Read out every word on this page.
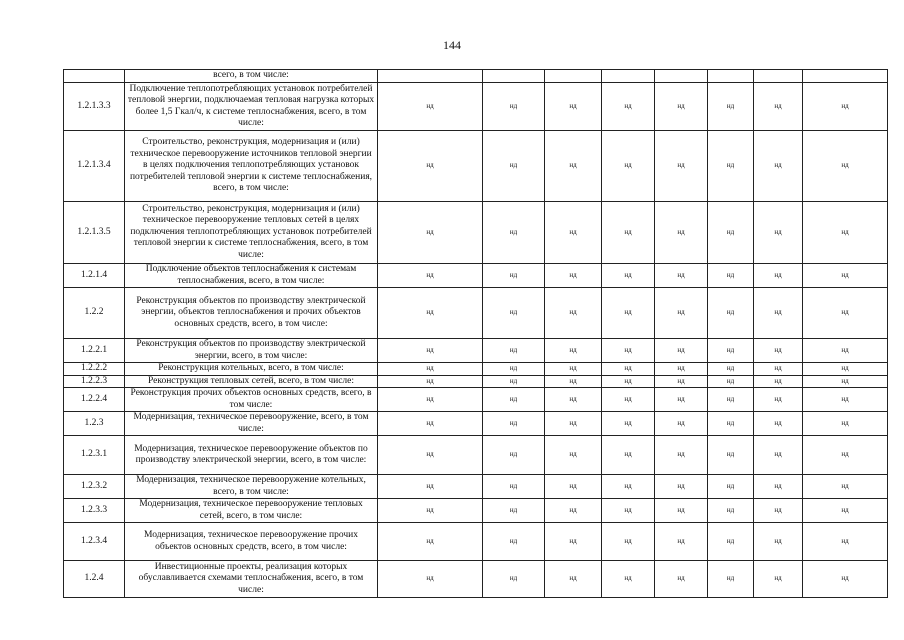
144
	всего, в том числе:								
1.2.1.3.3	Подключение теплопотребляющих установок потребителей тепловой энергии, подключаемая тепловая нагрузка которых более 1,5 Гкал/ч, к системе теплоснабжения, всего, в том числе:	нд	нд	нд	нд	нд	нд	нд	нд
1.2.1.3.4	Строительство, реконструкция, модернизация и (или) техническое перевооружение источников тепловой энергии в целях подключения теплопотребляющих установок потребителей тепловой энергии к системе теплоснабжения, всего, в том числе:	нд	нд	нд	нд	нд	нд	нд	нд
1.2.1.3.5	Строительство, реконструкция, модернизация и (или) техническое перевооружение тепловых сетей в целях подключения теплопотребляющих установок потребителей тепловой энергии к системе теплоснабжения, всего, в том числе:	нд	нд	нд	нд	нд	нд	нд	нд
1.2.1.4	Подключение объектов теплоснабжения к системам теплоснабжения, всего, в том числе:	нд	нд	нд	нд	нд	нд	нд	нд
1.2.2	Реконструкция объектов по производству электрической энергии, объектов теплоснабжения и прочих объектов основных средств, всего, в том числе:	нд	нд	нд	нд	нд	нд	нд	нд
1.2.2.1	Реконструкция объектов по производству электрической энергии, всего, в том числе:	нд	нд	нд	нд	нд	нд	нд	нд
1.2.2.2	Реконструкция котельных, всего, в том числе:	нд	нд	нд	нд	нд	нд	нд	нд
1.2.2.3	Реконструкция тепловых сетей, всего, в том числе:	нд	нд	нд	нд	нд	нд	нд	нд
1.2.2.4	Реконструкция прочих объектов основных средств, всего, в том числе:	нд	нд	нд	нд	нд	нд	нд	нд
1.2.3	Модернизация, техническое перевооружение, всего, в том числе:	нд	нд	нд	нд	нд	нд	нд	нд
1.2.3.1	Модернизация, техническое перевооружение объектов по производству электрической энергии, всего, в том числе:	нд	нд	нд	нд	нд	нд	нд	нд
1.2.3.2	Модернизация, техническое перевооружение котельных, всего, в том числе:	нд	нд	нд	нд	нд	нд	нд	нд
1.2.3.3	Модернизация, техническое перевооружение тепловых сетей, всего, в том числе:	нд	нд	нд	нд	нд	нд	нд	нд
1.2.3.4	Модернизация, техническое перевооружение прочих объектов основных средств, всего, в том числе:	нд	нд	нд	нд	нд	нд	нд	нд
1.2.4	Инвестиционные проекты, реализация которых обуславливается схемами теплоснабжения, всего, в том числе:	нд	нд	нд	нд	нд	нд	нд	нд
